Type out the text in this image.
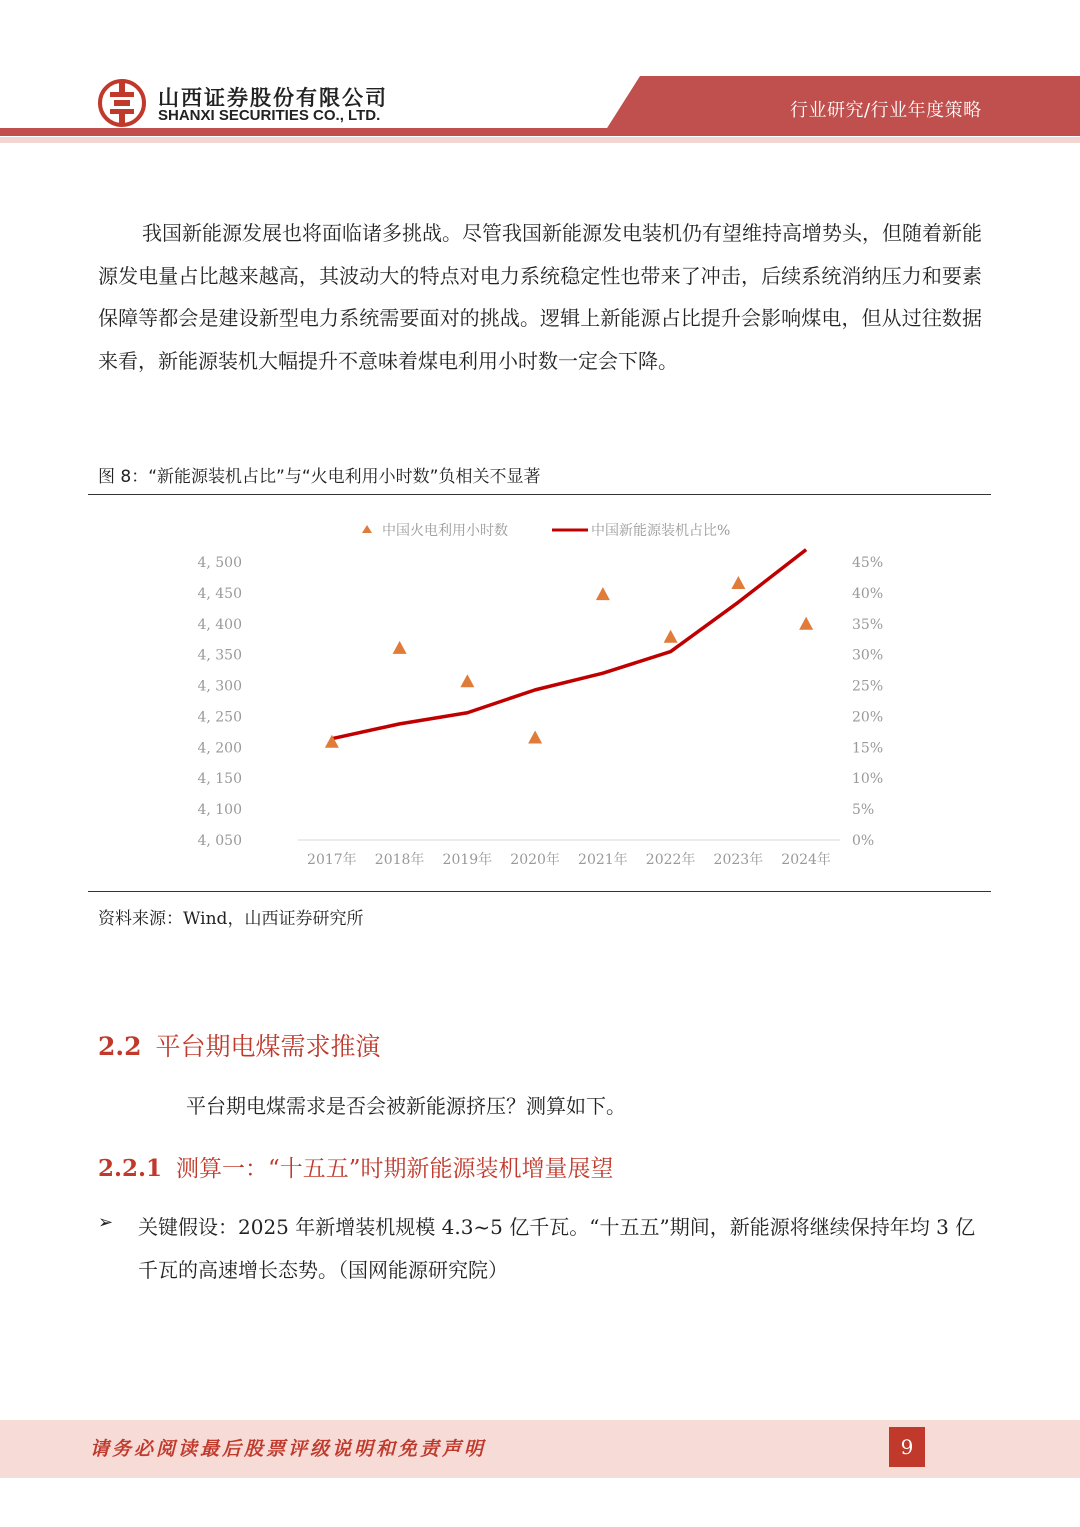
山西证券股份有限公司
SHANXI SECURITIES CO., LTD.	行业研究/行业年度策略
我国新能源发展也将面临诸多挑战。尽管我国新能源发电装机仍有望维持高增势头，但随着新能源发电量占比越来越高，其波动大的特点对电力系统稳定性也带来了冲击，后续系统消纳压力和要素保障等都会是建设新型电力系统需要面对的挑战。逻辑上新能源占比提升会影响煤电，但从过往数据来看，新能源装机大幅提升不意味着煤电利用小时数一定会下降。
图 8：“新能源装机占比”与“火电利用小时数”负相关不显著
中国火电利用小时数	中国新能源装机占比%
4, 500
4, 450
4, 400
4, 350
4, 300
4, 250
4, 200
4, 150
4, 100
4, 050
45%
40%
35%
30%
25%
20%
15%
10%
5%
0%
2017年 2018年 2019年 2020年 2021年 2022年 2023年 2024年
资料来源：Wind，山西证券研究所
2.2 平台期电煤需求推演
平台期电煤需求是否会被新能源挤压？测算如下。
2.2.1 测算一：“十五五”时期新能源装机增量展望
➢ 关键假设：2025 年新增装机规模 4.3~5 亿千瓦。“十五五”期间，新能源将继续保持年均 3 亿千瓦的高速增长态势。（国网能源研究院）
请务必阅读最后股票评级说明和免责声明	9
